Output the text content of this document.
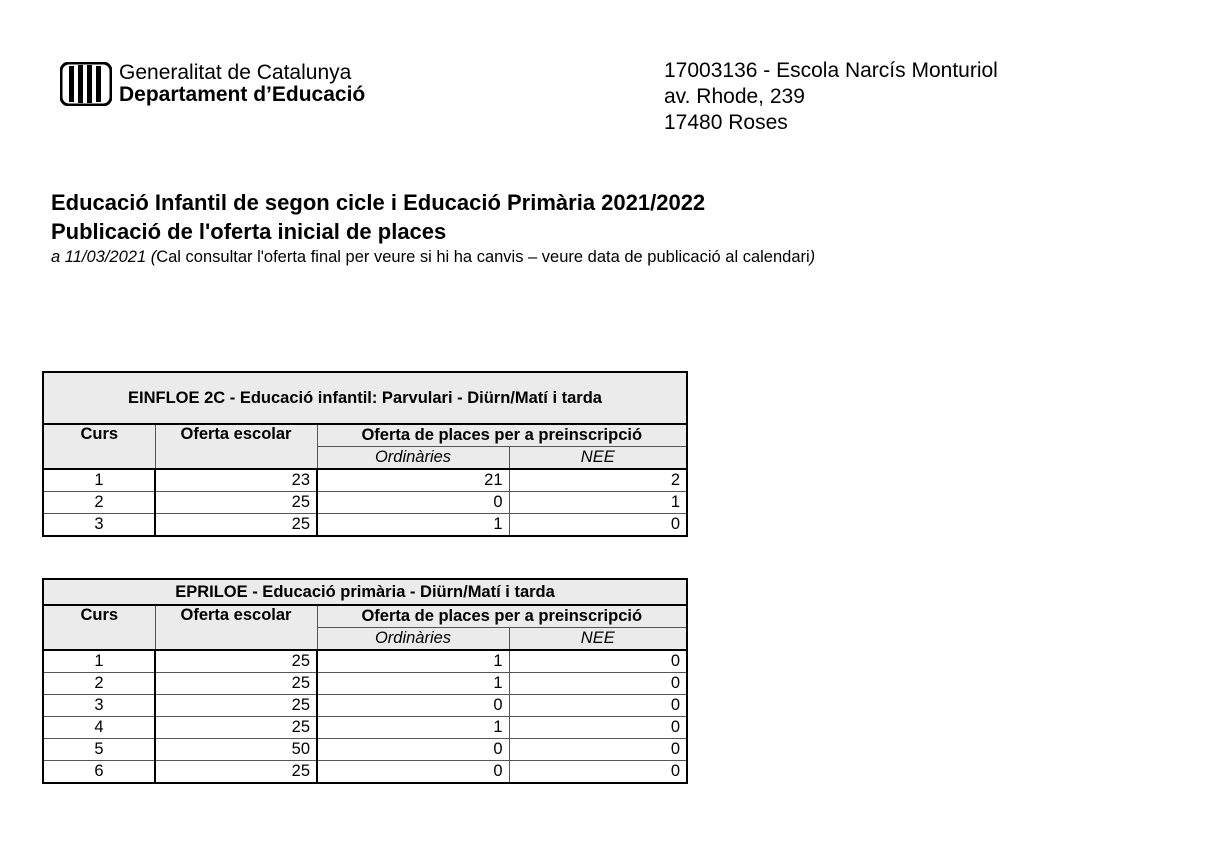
Generalitat de Catalunya
Departament d’Educació
17003136 - Escola Narcís Monturiol
av. Rhode, 239
17480 Roses
Educació Infantil de segon cicle i Educació Primària 2021/2022
Publicació de l'oferta inicial de places
a 11/03/2021 (Cal consultar l'oferta final per veure si hi ha canvis – veure data de publicació al calendari)
EINFLOE 2C - Educació infantil: Parvulari - Diürn/Matí i tarda			
Curs	Oferta escolar	Oferta de places per a preinscripció	
		Ordinàries	NEE
1	23	21	2
2	25	0	1
3	25	1	0
EPRILOE - Educació primària - Diürn/Matí i tarda			
Curs	Oferta escolar	Oferta de places per a preinscripció	
		Ordinàries	NEE
1	25	1	0
2	25	1	0
3	25	0	0
4	25	1	0
5	50	0	0
6	25	0	0
